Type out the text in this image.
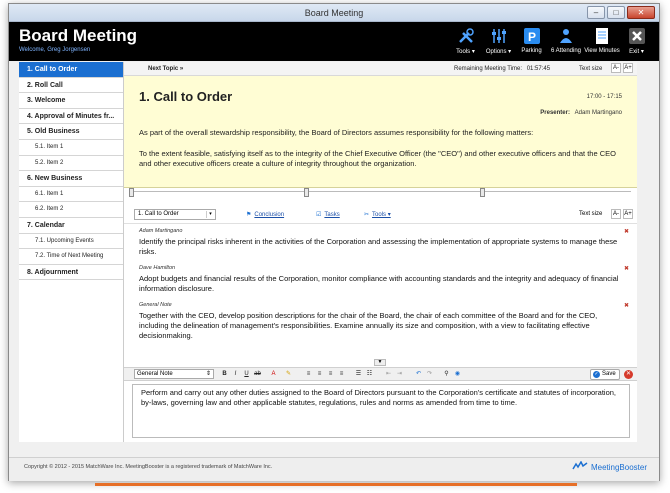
Board Meeting	–	□	✕
Board Meeting
Welcome, Greg Jorgensen	Tools ▾ Options ▾
P
Parking 6 Attending View Minutes Exit ▾
1. Call to Order
2. Roll Call
3. Welcome
4. Approval of Minutes fr...
5. Old Business
5.1. Item 1
5.2. Item 2
6. New Business
6.1. Item 1
6.2. Item 2
7. Calendar
7.1. Upcoming Events
7.2. Time of Next Meeting
8. Adjournment
Next Topic »	Remaining Meeting Time: 01:57:45	Text size	A- A+
1. Call to Order	17:00 - 17:15
Presenter: Adam Martingano
As part of the overall stewardship responsibility, the Board of Directors assumes responsibility for the following matters:
To the extent feasible, satisfying itself as to the integrity of the Chief Executive Officer (the "CEO") and other executive officers and that the CEO and other executive officers create a culture of integrity throughout the organization.
1. Call to Order	▾	⚑ Conclusion	☑ Tasks	✂ Tools ▾	Text size	A- A+
Adam Martingano	✖
Identify the principal risks inherent in the activities of the Corporation and assessing the implementation of appropriate systems to manage these risks.
Dave Hamilton	✖
Adopt budgets and financial results of the Corporation, monitor compliance with accounting standards and the integrity and adequacy of financial information disclosure.
General Note	✖
Together with the CEO, develop position descriptions for the chair of the Board, the chair of each committee of the Board and for the CEO, including the delineation of management's responsibilities. Examine annually its size and composition, with a view to facilitating effective decisionmaking.
▼
General Note	⇕	B	I	U ab	A	✎	≡	≡	≡	≡	☰ ☷	⇤ ⇥	↶ ↷	⚲	◉	✓ Save	✕
Perform and carry out any other duties assigned to the Board of Directors pursuant to the Corporation's certificate and statutes of incorporation, by-laws, governing law and other applicable statutes, regulations, rules and norms as amended from time to time.
Copyright © 2012 - 2015 MatchWare Inc. MeetingBooster is a registered trademark of MatchWare Inc.	MeetingBooster
